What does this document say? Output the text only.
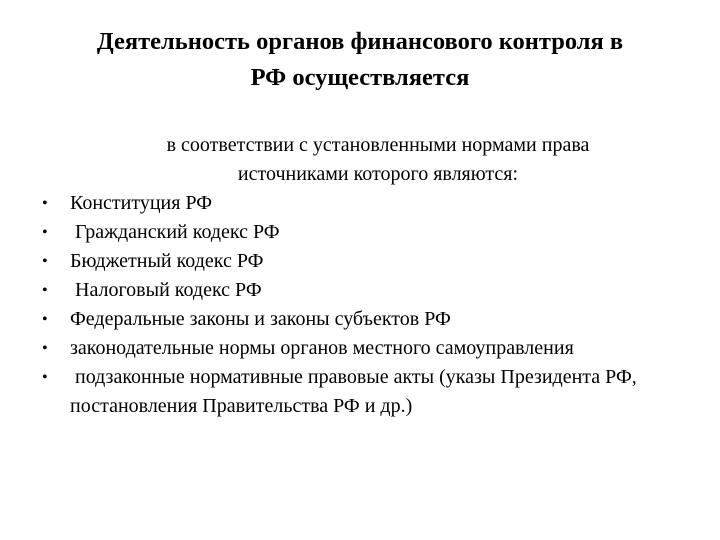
Деятельность органов финансового контроля в
РФ осуществляется
в соответствии с установленными нормами права
источниками которого являются:
• Конституция РФ
• Гражданский кодекс РФ
• Бюджетный кодекс РФ
• Налоговый кодекс РФ
• Федеральные законы и законы субъектов РФ
• законодательные нормы органов местного самоуправления
• подзаконные нормативные правовые акты (указы Президента РФ, постановления Правительства РФ и др.)
